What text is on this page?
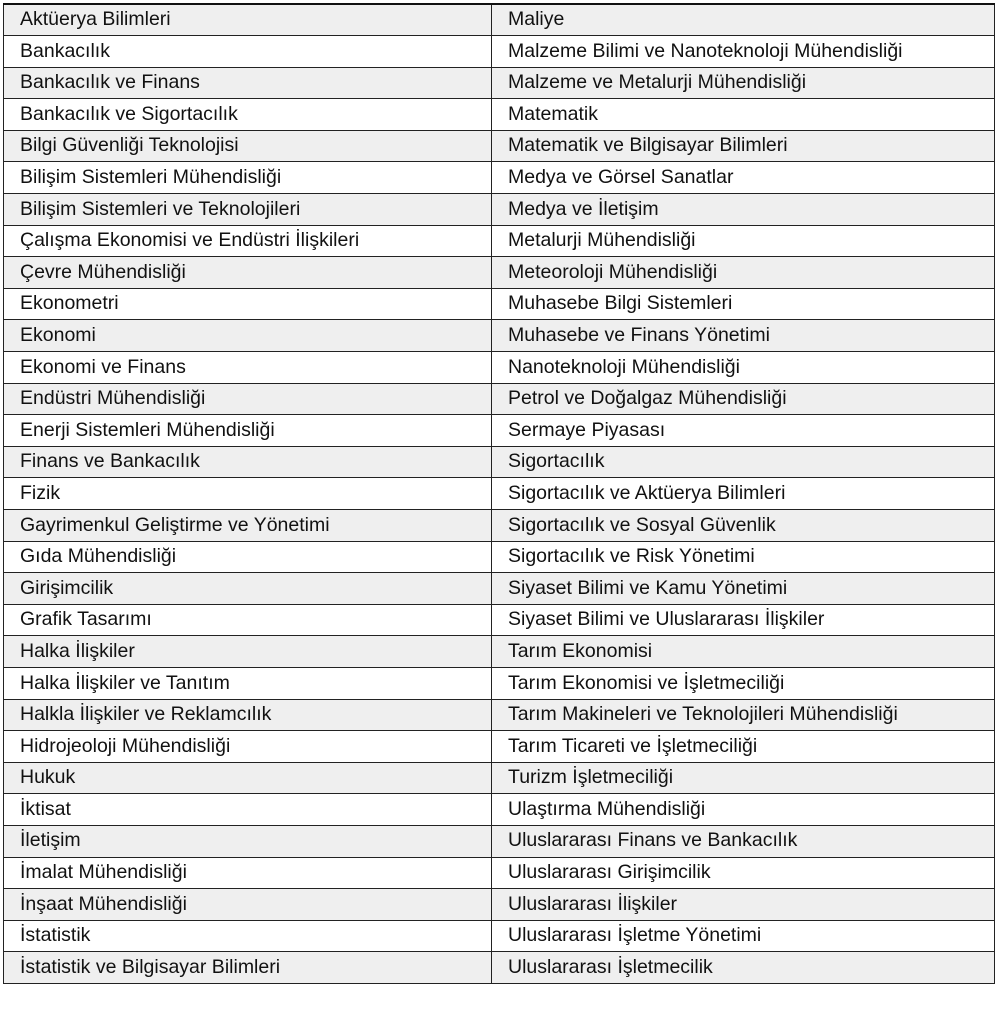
Aktüerya Bilimleri	Maliye
Bankacılık	Malzeme Bilimi ve Nanoteknoloji Mühendisliği
Bankacılık ve Finans	Malzeme ve Metalurji Mühendisliği
Bankacılık ve Sigortacılık	Matematik
Bilgi Güvenliği Teknolojisi	Matematik ve Bilgisayar Bilimleri
Bilişim Sistemleri Mühendisliği	Medya ve Görsel Sanatlar
Bilişim Sistemleri ve Teknolojileri	Medya ve İletişim
Çalışma Ekonomisi ve Endüstri İlişkileri	Metalurji Mühendisliği
Çevre Mühendisliği	Meteoroloji Mühendisliği
Ekonometri	Muhasebe Bilgi Sistemleri
Ekonomi	Muhasebe ve Finans Yönetimi
Ekonomi ve Finans	Nanoteknoloji Mühendisliği
Endüstri Mühendisliği	Petrol ve Doğalgaz Mühendisliği
Enerji Sistemleri Mühendisliği	Sermaye Piyasası
Finans ve Bankacılık	Sigortacılık
Fizik	Sigortacılık ve Aktüerya Bilimleri
Gayrimenkul Geliştirme ve Yönetimi	Sigortacılık ve Sosyal Güvenlik
Gıda Mühendisliği	Sigortacılık ve Risk Yönetimi
Girişimcilik	Siyaset Bilimi ve Kamu Yönetimi
Grafik Tasarımı	Siyaset Bilimi ve Uluslararası İlişkiler
Halka İlişkiler	Tarım Ekonomisi
Halka İlişkiler ve Tanıtım	Tarım Ekonomisi ve İşletmeciliği
Halkla İlişkiler ve Reklamcılık	Tarım Makineleri ve Teknolojileri Mühendisliği
Hidrojeoloji Mühendisliği	Tarım Ticareti ve İşletmeciliği
Hukuk	Turizm İşletmeciliği
İktisat	Ulaştırma Mühendisliği
İletişim	Uluslararası Finans ve Bankacılık
İmalat Mühendisliği	Uluslararası Girişimcilik
İnşaat Mühendisliği	Uluslararası İlişkiler
İstatistik	Uluslararası İşletme Yönetimi
İstatistik ve Bilgisayar Bilimleri	Uluslararası İşletmecilik
